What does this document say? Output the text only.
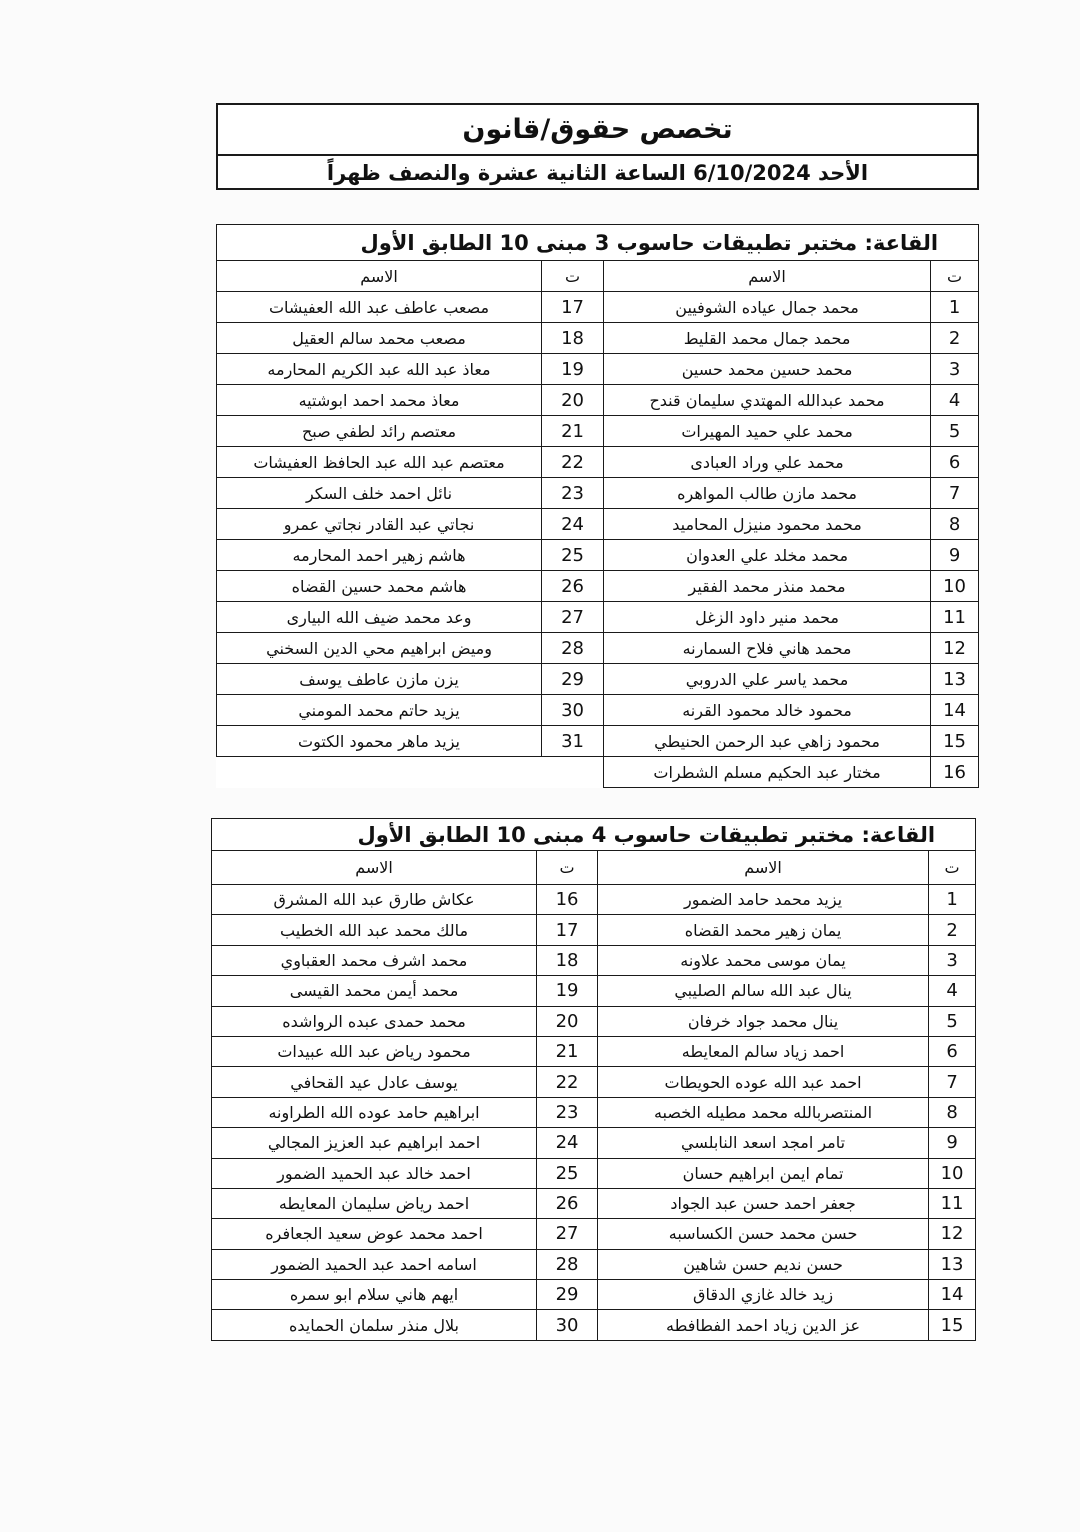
تخصص حقوق/قانون
الأحد 6/10/2024 الساعة الثانية عشرة والنصف ظهراً
القاعة: مختبر تطبيقات حاسوب 3 مبنى 10 الطابق الأول			
ت	الاسم	ت	الاسم
1	محمد جمال عياده الشوفيين	17	مصعب عاطف عبد الله العفيشات
2	محمد جمال محمد القليط	18	مصعب محمد سالم العقيل
3	محمد حسين محمد حسين	19	معاذ عبد الله عبد الكريم المحارمه
4	محمد عبدالله المهتدي سليمان قندح	20	معاذ محمد احمد ابوشتيه
5	محمد علي حميد المهيرات	21	معتصم رائد لطفي صبح
6	محمد علي وراد العبادى	22	معتصم عبد الله عبد الحافظ العفيشات
7	محمد مازن طالب المواهره	23	نائل احمد خلف السكر
8	محمد محمود منيزل المحاميد	24	نجاتي عبد القادر نجاتي عمرو
9	محمد مخلد علي العدوان	25	هاشم زهير احمد المحارمه
10	محمد منذر محمد الفقير	26	هاشم محمد حسين القضاه
11	محمد منير داود الزغل	27	وعد محمد ضيف الله البيارى
12	محمد هاني فلاح السمارنه	28	وميض ابراهيم محي الدين السخني
13	محمد ياسر علي الدروبي	29	يزن مازن عاطف يوسف
14	محمود خالد محمود القرنه	30	يزيد حاتم محمد المومني
15	محمود زاهي عبد الرحمن الحنيطي	31	يزيد ماهر محمود الكتوت
16	مختار عبد الحكيم مسلم الشطرات		
القاعة: مختبر تطبيقات حاسوب 4 مبنى 10 الطابق الأول			
ت	الاسم	ت	الاسم
1	يزيد محمد حامد الضمور	16	عكاش طارق عبد الله المشرق
2	يمان زهير محمد القضاه	17	مالك محمد عبد الله الخطيب
3	يمان موسى محمد علاونه	18	محمد اشرف محمد العقباوي
4	ينال عبد الله سالم الصليبي	19	محمد أيمن محمد القيسى
5	ينال محمد جواد خرفان	20	محمد حمدى عبده الرواشده
6	احمد زياد سالم المعايطه	21	محمود رياض عبد الله عبيدات
7	احمد عبد الله عوده الحويطات	22	يوسف عادل عيد القحافي
8	المنتصربالله محمد مطيله الخصبه	23	ابراهيم حامد عوده الله الطراونه
9	تامر امجد اسعد النابلسي	24	احمد ابراهيم عبد العزيز المجالي
10	تمام ايمن ابراهيم حسان	25	احمد خالد عبد الحميد الضمور
11	جعفر احمد حسن عبد الجواد	26	احمد رياض سليمان المعايطه
12	حسن محمد حسن الكساسبه	27	احمد محمد عوض سعيد الجعافره
13	حسن نديم حسن شاهين	28	اسامه احمد عبد الحميد الضمور
14	زيد خالد غازي الدقاق	29	ايهم هاني سلام ابو سمره
15	عز الدين زياد احمد الفطافطه	30	بلال منذر سلمان الحمايده
